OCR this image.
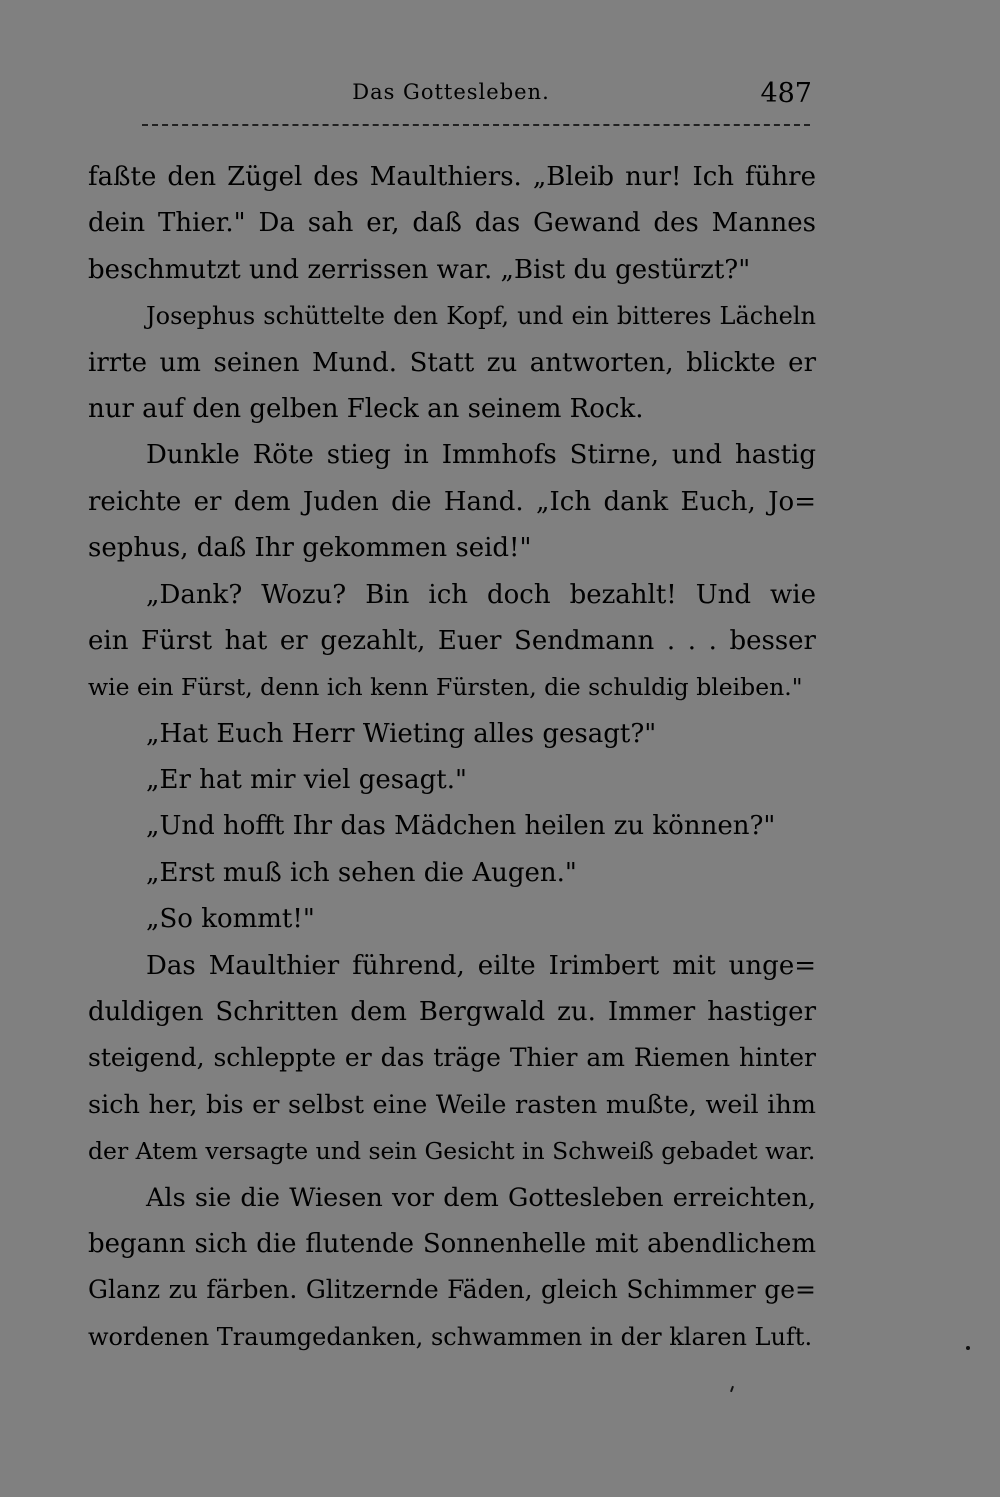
Das Gottesleben.	487
faßte den Zügel des Maulthiers. „Bleib nur! Ich führe
dein Thier." Da sah er, daß das Gewand des Mannes
beschmutzt und zerrissen war. „Bist du gestürzt?"
Josephus schüttelte den Kopf, und ein bitteres Lächeln
irrte um seinen Mund. Statt zu antworten, blickte er
nur auf den gelben Fleck an seinem Rock.
Dunkle Röte stieg in Immhofs Stirne, und hastig
reichte er dem Juden die Hand. „Ich dank Euch, Jo=
sephus, daß Ihr gekommen seid!"
„Dank? Wozu? Bin ich doch bezahlt! Und wie
ein Fürst hat er gezahlt, Euer Sendmann . . . besser
wie ein Fürst, denn ich kenn Fürsten, die schuldig bleiben."
„Hat Euch Herr Wieting alles gesagt?"
„Er hat mir viel gesagt."
„Und hofft Ihr das Mädchen heilen zu können?"
„Erst muß ich sehen die Augen."
„So kommt!"
Das Maulthier führend, eilte Irimbert mit unge=
duldigen Schritten dem Bergwald zu. Immer hastiger
steigend, schleppte er das träge Thier am Riemen hinter
sich her, bis er selbst eine Weile rasten mußte, weil ihm
der Atem versagte und sein Gesicht in Schweiß gebadet war.
Als sie die Wiesen vor dem Gottesleben erreichten,
begann sich die flutende Sonnenhelle mit abendlichem
Glanz zu färben. Glitzernde Fäden, gleich Schimmer ge=
wordenen Traumgedanken, schwammen in der klaren Luft.
